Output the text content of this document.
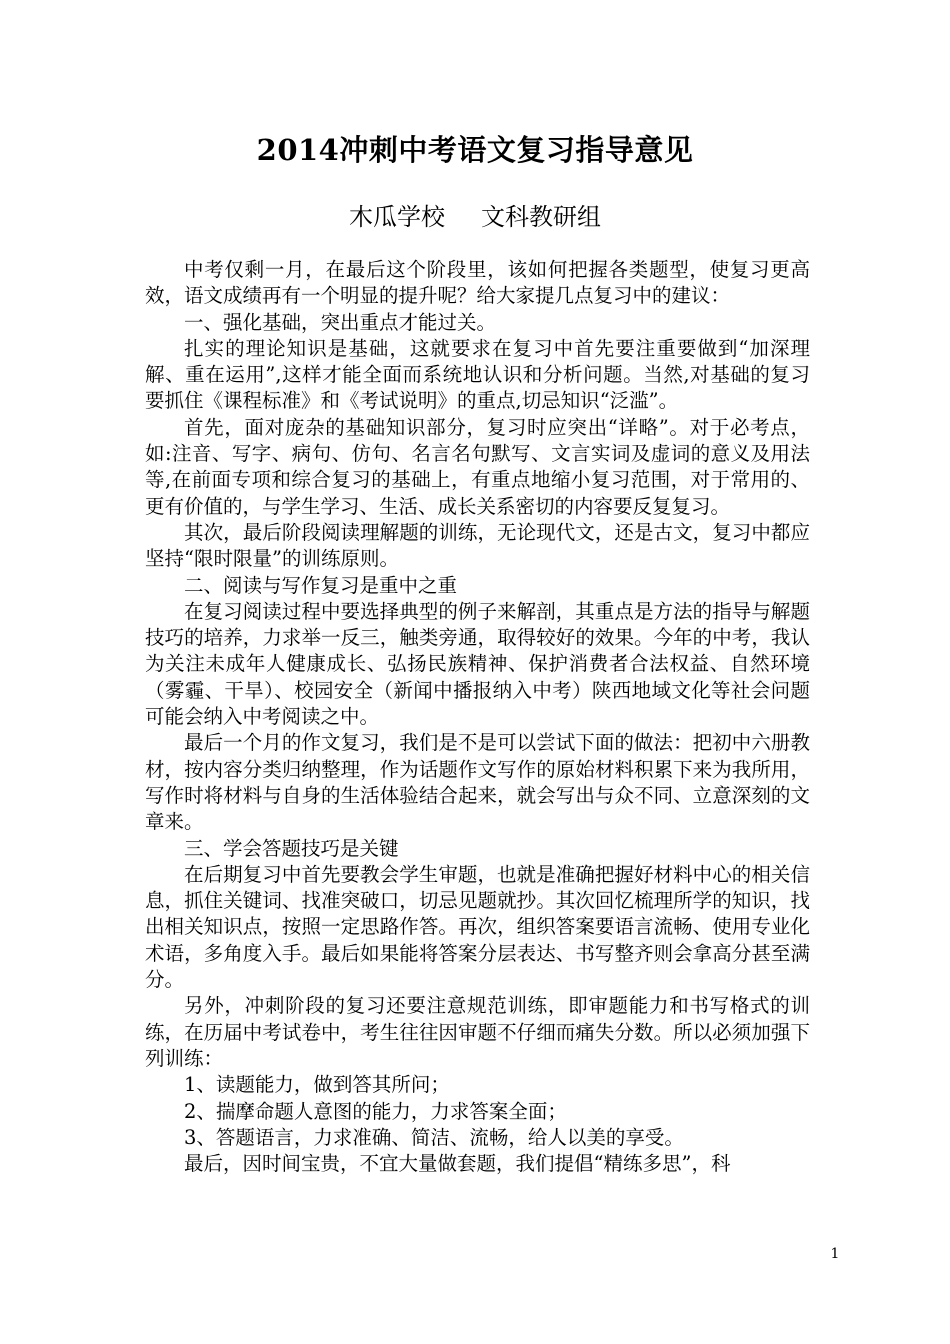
2014冲刺中考语文复习指导意见
木瓜学校 文科教研组

中考仅剩一月，在最后这个阶段里，该如何把握各类题型，使复习更高效，语文成绩再有一个明显的提升呢？给大家提几点复习中的建议：

一、强化基础，突出重点才能过关。

扎实的理论知识是基础，这就要求在复习中首先要注重要做到“加深理解、重在运用”,这样才能全面而系统地认识和分析问题。当然,对基础的复习要抓住《课程标准》和《考试说明》的重点,切忌知识“泛滥”。

首先，面对庞杂的基础知识部分，复习时应突出“详略”。对于必考点，如:注音、写字、病句、仿句、名言名句默写、文言实词及虚词的意义及用法等,在前面专项和综合复习的基础上，有重点地缩小复习范围，对于常用的、更有价值的，与学生学习、生活、成长关系密切的内容要反复复习。

其次，最后阶段阅读理解题的训练，无论现代文，还是古文，复习中都应坚持“限时限量”的训练原则。

二、阅读与写作复习是重中之重

在复习阅读过程中要选择典型的例子来解剖，其重点是方法的指导与解题技巧的培养，力求举一反三，触类旁通，取得较好的效果。今年的中考，我认为关注未成年人健康成长、弘扬民族精神、保护消费者合法权益、自然环境（雾霾、干旱）、校园安全（新闻中播报纳入中考）陕西地域文化等社会问题可能会纳入中考阅读之中。

最后一个月的作文复习，我们是不是可以尝试下面的做法：把初中六册教材，按内容分类归纳整理，作为话题作文写作的原始材料积累下来为我所用，写作时将材料与自身的生活体验结合起来，就会写出与众不同、立意深刻的文章来。

三、学会答题技巧是关键

在后期复习中首先要教会学生审题，也就是准确把握好材料中心的相关信息，抓住关键词、找准突破口，切忌见题就抄。其次回忆梳理所学的知识，找出相关知识点，按照一定思路作答。再次，组织答案要语言流畅、使用专业化术语，多角度入手。最后如果能将答案分层表达、书写整齐则会拿高分甚至满分。

另外，冲刺阶段的复习还要注意规范训练，即审题能力和书写格式的训练，在历届中考试卷中，考生往往因审题不仔细而痛失分数。所以必须加强下列训练：

1、读题能力，做到答其所问；

2、揣摩命题人意图的能力，力求答案全面；

3、答题语言，力求准确、简洁、流畅，给人以美的享受。

最后，因时间宝贵，不宜大量做套题，我们提倡“精练多思”，科

1
